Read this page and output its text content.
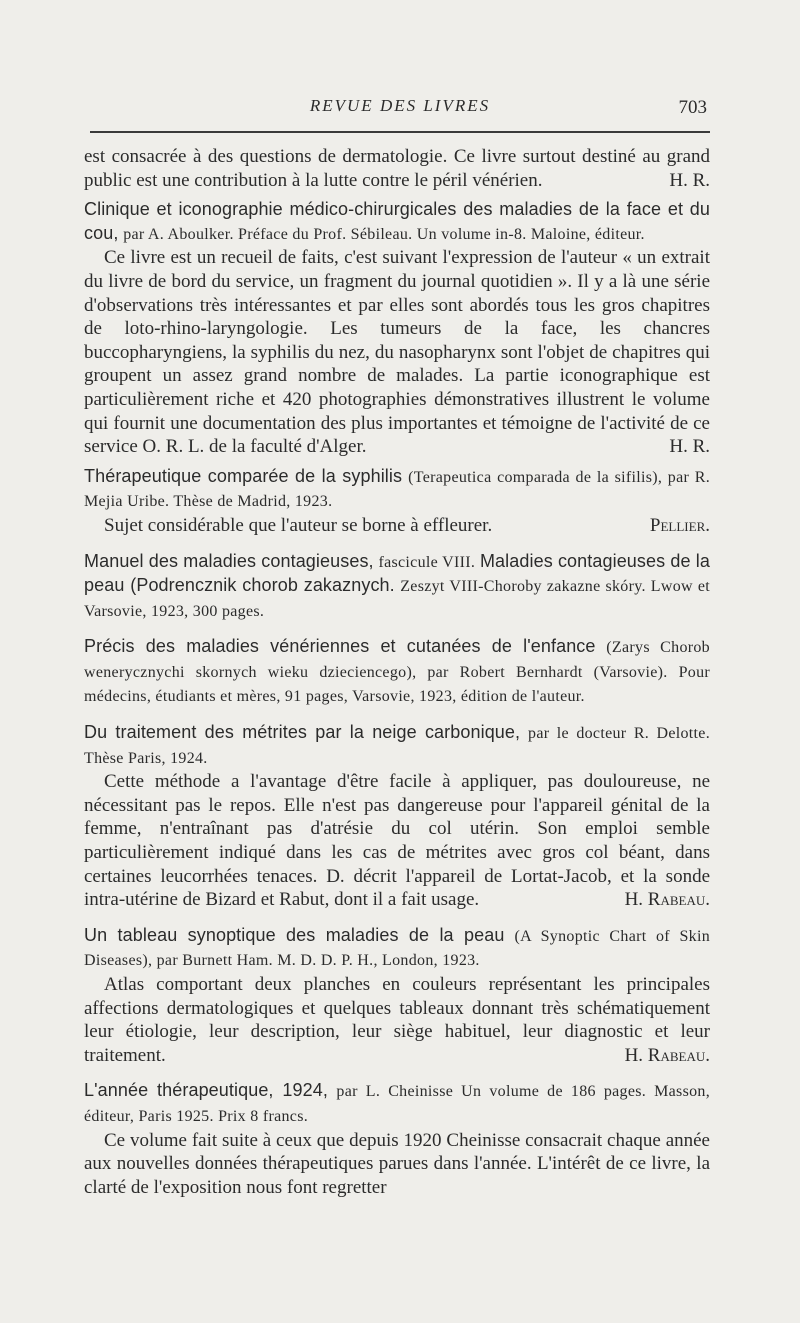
REVUE DES LIVRES	703

est consacrée à des questions de dermatologie. Ce livre surtout destiné au grand public est une contribution à la lutte contre le péril vénérien.	H. R.

Clinique et iconographie médico-chirurgicales des maladies de la face et du cou, par A. Aboulker. Préface du Prof. Sébileau. Un volume in-8. Maloine, éditeur.

Ce livre est un recueil de faits, c'est suivant l'expression de l'auteur « un extrait du livre de bord du service, un fragment du journal quotidien ». Il y a là une série d'observations très intéressantes et par elles sont abordés tous les gros chapitres de loto-rhino-laryngologie. Les tumeurs de la face, les chancres buccopharyngiens, la syphilis du nez, du nasopharynx sont l'objet de chapitres qui groupent un assez grand nombre de malades. La partie iconographique est particulièrement riche et 420 photographies démonstratives illustrent le volume qui fournit une documentation des plus importantes et témoigne de l'activité de ce service O. R. L. de la faculté d'Alger.	H. R.

Thérapeutique comparée de la syphilis (Terapeutica comparada de la sifilis), par R. Mejia Uribe. Thèse de Madrid, 1923.

Sujet considérable que l'auteur se borne à effleurer.	Pellier.

Manuel des maladies contagieuses, fascicule VIII. Maladies contagieuses de la peau (Podrencznik chorob zakaznych. Zeszyt VIII-Choroby zakazne skóry. Lwow et Varsovie, 1923, 300 pages.

Précis des maladies vénériennes et cutanées de l'enfance (Zarys Chorob wenerycznychi skornych wieku dzieciencego), par Robert Bernhardt (Varsovie). Pour médecins, étudiants et mères, 91 pages, Varsovie, 1923, édition de l'auteur.

Du traitement des métrites par la neige carbonique, par le docteur R. Delotte. Thèse Paris, 1924.

Cette méthode a l'avantage d'être facile à appliquer, pas douloureuse, ne nécessitant pas le repos. Elle n'est pas dangereuse pour l'appareil génital de la femme, n'entraînant pas d'atrésie du col utérin. Son emploi semble particulièrement indiqué dans les cas de métrites avec gros col béant, dans certaines leucorrhées tenaces. D. décrit l'appareil de Lortat-Jacob, et la sonde intra-utérine de Bizard et Rabut, dont il a fait usage.	H. Rabeau.

Un tableau synoptique des maladies de la peau (A Synoptic Chart of Skin Diseases), par Burnett Ham. M. D. D. P. H., London, 1923.

Atlas comportant deux planches en couleurs représentant les principales affections dermatologiques et quelques tableaux donnant très schématiquement leur étiologie, leur description, leur siège habituel, leur diagnostic et leur traitement.	H. Rabeau.

L'année thérapeutique, 1924, par L. Cheinisse Un volume de 186 pages. Masson, éditeur, Paris 1925. Prix 8 francs.

Ce volume fait suite à ceux que depuis 1920 Cheinisse consacrait chaque année aux nouvelles données thérapeutiques parues dans l'année. L'intérêt de ce livre, la clarté de l'exposition nous font regretter
